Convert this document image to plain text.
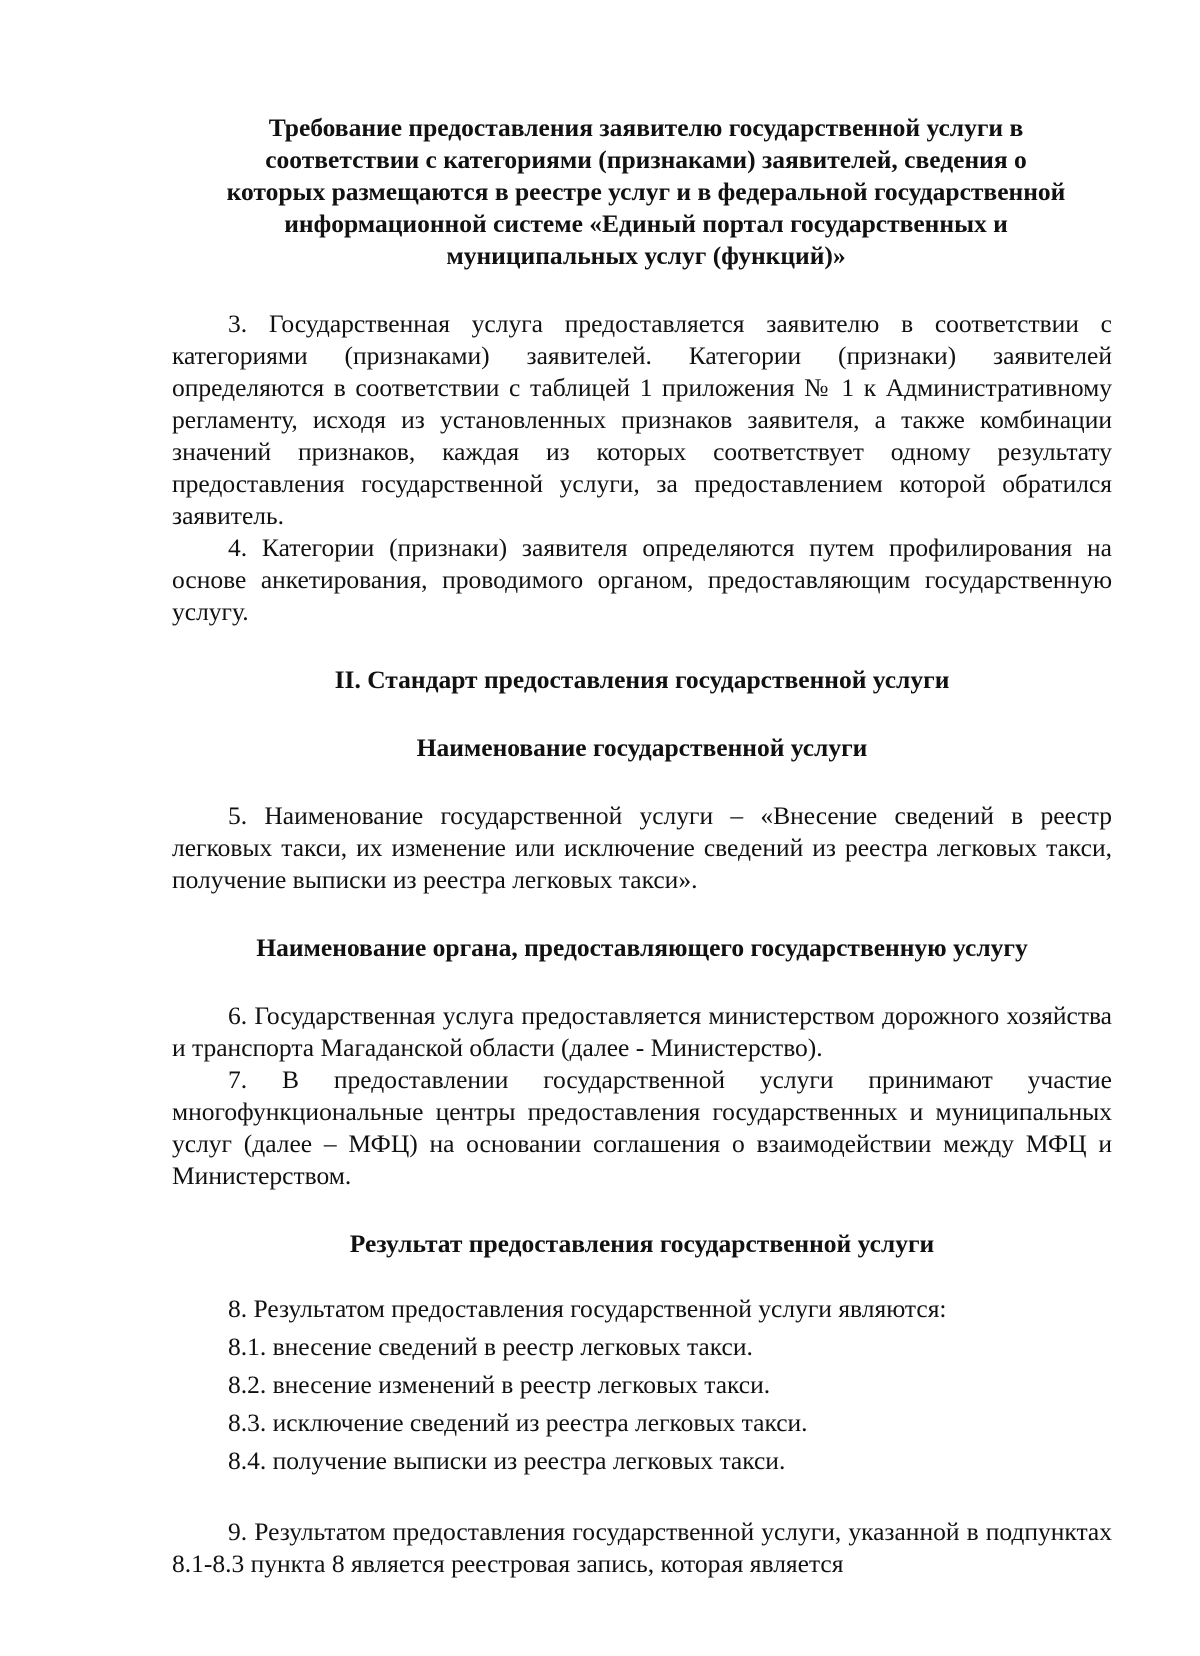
Требование предоставления заявителю государственной услуги в
соответствии с категориями (признаками) заявителей, сведения о
которых размещаются в реестре услуг и в федеральной государственной
информационной системе «Единый портал государственных и
муниципальных услуг (функций)»

3. Государственная услуга предоставляется заявителю в соответствии с категориями (признаками) заявителей. Категории (признаки) заявителей определяются в соответствии с таблицей 1 приложения № 1 к Административному регламенту, исходя из установленных признаков заявителя, а также комбинации значений признаков, каждая из которых соответствует одному результату предоставления государственной услуги, за предоставлением которой обратился заявитель.

4. Категории (признаки) заявителя определяются путем профилирования на основе анкетирования, проводимого органом, предоставляющим государственную услугу.

II. Стандарт предоставления государственной услуги

Наименование государственной услуги

5. Наименование государственной услуги – «Внесение сведений в реестр легковых такси, их изменение или исключение сведений из реестра легковых такси, получение выписки из реестра легковых такси».

Наименование органа, предоставляющего государственную услугу

6. Государственная услуга предоставляется министерством дорожного хозяйства и транспорта Магаданской области (далее - Министерство).

7. В предоставлении государственной услуги принимают участие многофункциональные центры предоставления государственных и муниципальных услуг (далее – МФЦ) на основании соглашения о взаимодействии между МФЦ и Министерством.

Результат предоставления государственной услуги

8. Результатом предоставления государственной услуги являются:

8.1. внесение сведений в реестр легковых такси.

8.2. внесение изменений в реестр легковых такси.

8.3. исключение сведений из реестра легковых такси.

8.4. получение выписки из реестра легковых такси.

9. Результатом предоставления государственной услуги, указанной в подпунктах 8.1-8.3 пункта 8 является реестровая запись, которая является
